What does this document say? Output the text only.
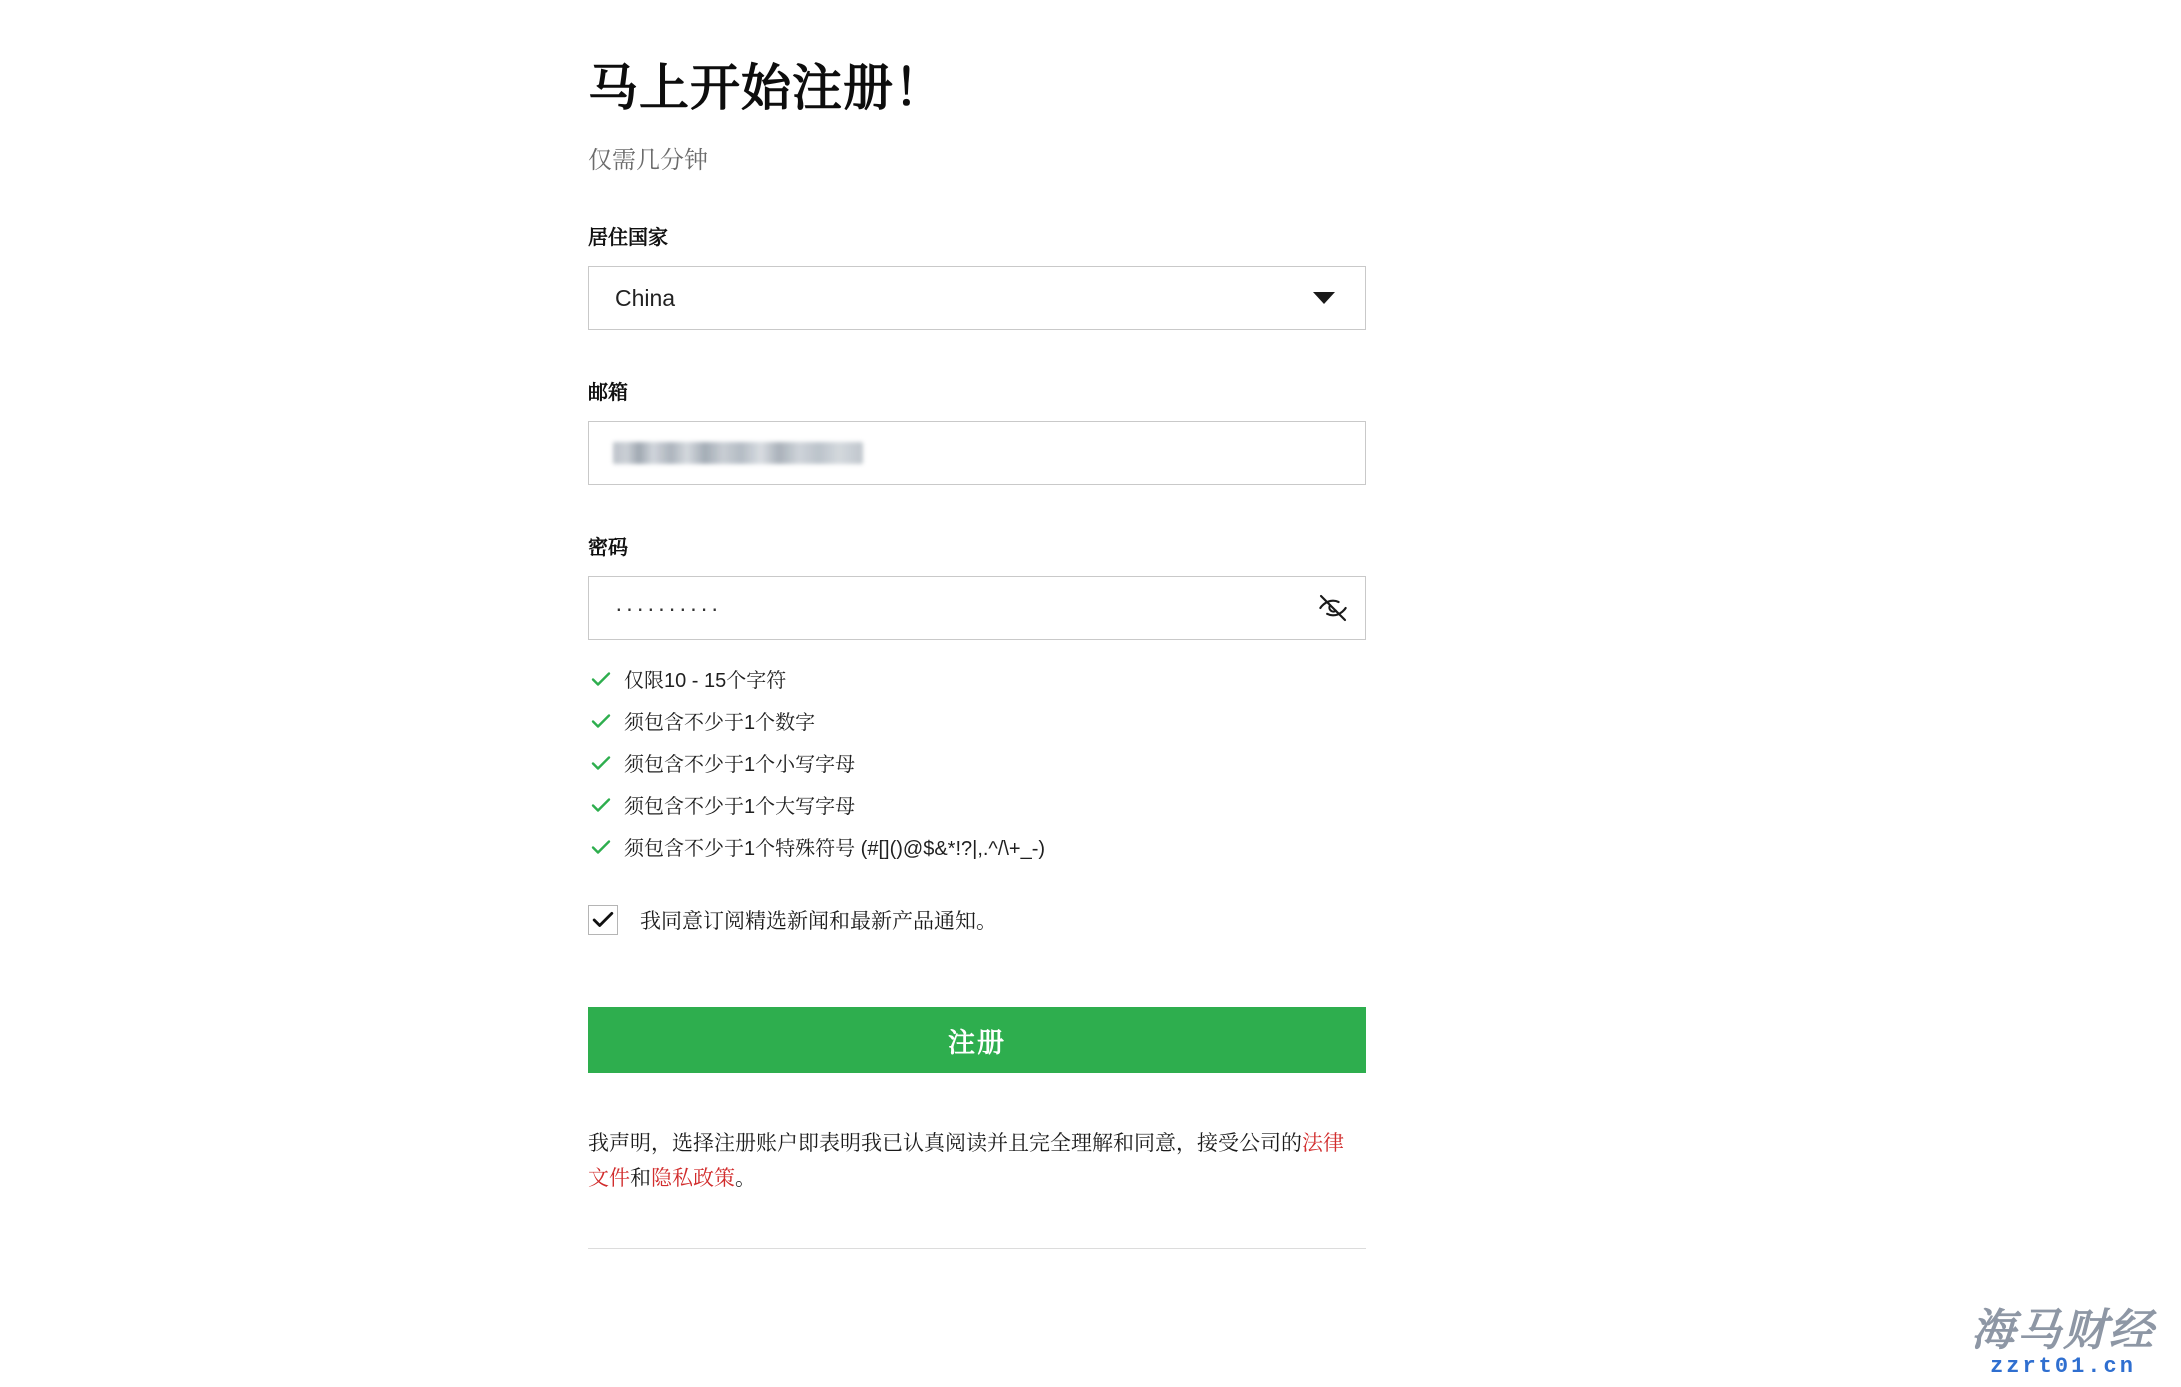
马上开始注册！
仅需几分钟
居住国家
China
邮箱
密码
··········
仅限10 - 15个字符
须包含不少于1个数字
须包含不少于1个小写字母
须包含不少于1个大写字母
须包含不少于1个特殊符号 (#[]()@$&*!?|,.^/\+_-)
我同意订阅精选新闻和最新产品通知。
注册
我声明，选择注册账户即表明我已认真阅读并且完全理解和同意，接受公司的法律文件和隐私政策。
海马财经
zzrt01.cn
